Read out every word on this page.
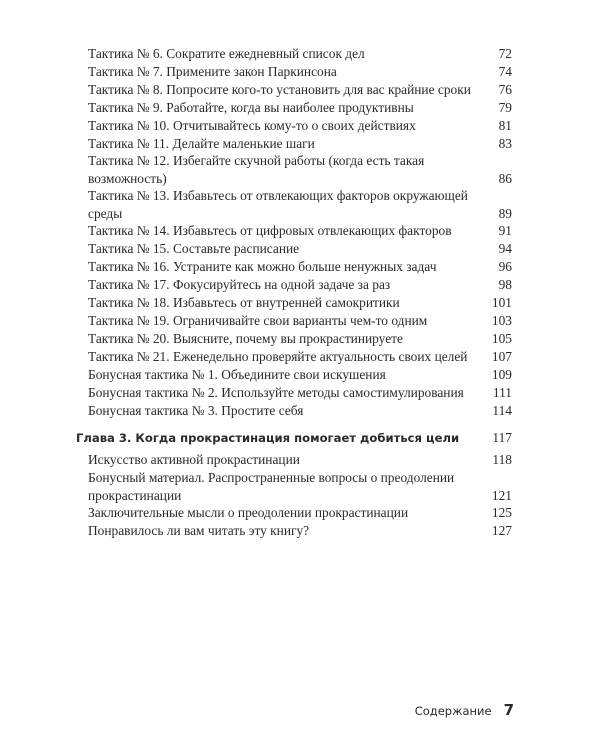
Тактика № 6. Сократите ежедневный список дел	72
Тактика № 7. Примените закон Паркинсона	74
Тактика № 8. Попросите кого-то установить для вас крайние сроки 76
Тактика № 9. Работайте, когда вы наиболее продуктивны	79
Тактика № 10. Отчитывайтесь кому-то о своих действиях	81
Тактика № 11. Делайте маленькие шаги	83
Тактика № 12. Избегайте скучной работы (когда есть такая возможность)	86
Тактика № 13. Избавьтесь от отвлекающих факторов окружающей среды	89
Тактика № 14. Избавьтесь от цифровых отвлекающих факторов	91
Тактика № 15. Составьте расписание	94
Тактика № 16. Устраните как можно больше ненужных задач	96
Тактика № 17. Фокусируйтесь на одной задаче за раз	98
Тактика № 18. Избавьтесь от внутренней самокритики	101
Тактика № 19. Ограничивайте свои варианты чем-то одним	103
Тактика № 20. Выясните, почему вы прокрастинируете	105
Тактика № 21. Еженедельно проверяйте актуальность своих целей	107
Бонусная тактика № 1. Объедините свои искушения	109
Бонусная тактика № 2. Используйте методы самостимулирования	111
Бонусная тактика № 3. Простите себя	114
Глава 3. Когда прокрастинация помогает добиться цели 117
Искусство активной прокрастинации	118
Бонусный материал. Распространенные вопросы о преодолении прокрастинации	121
Заключительные мысли о преодолении прокрастинации	125
Понравилось ли вам читать эту книгу?	127
Содержание 7
